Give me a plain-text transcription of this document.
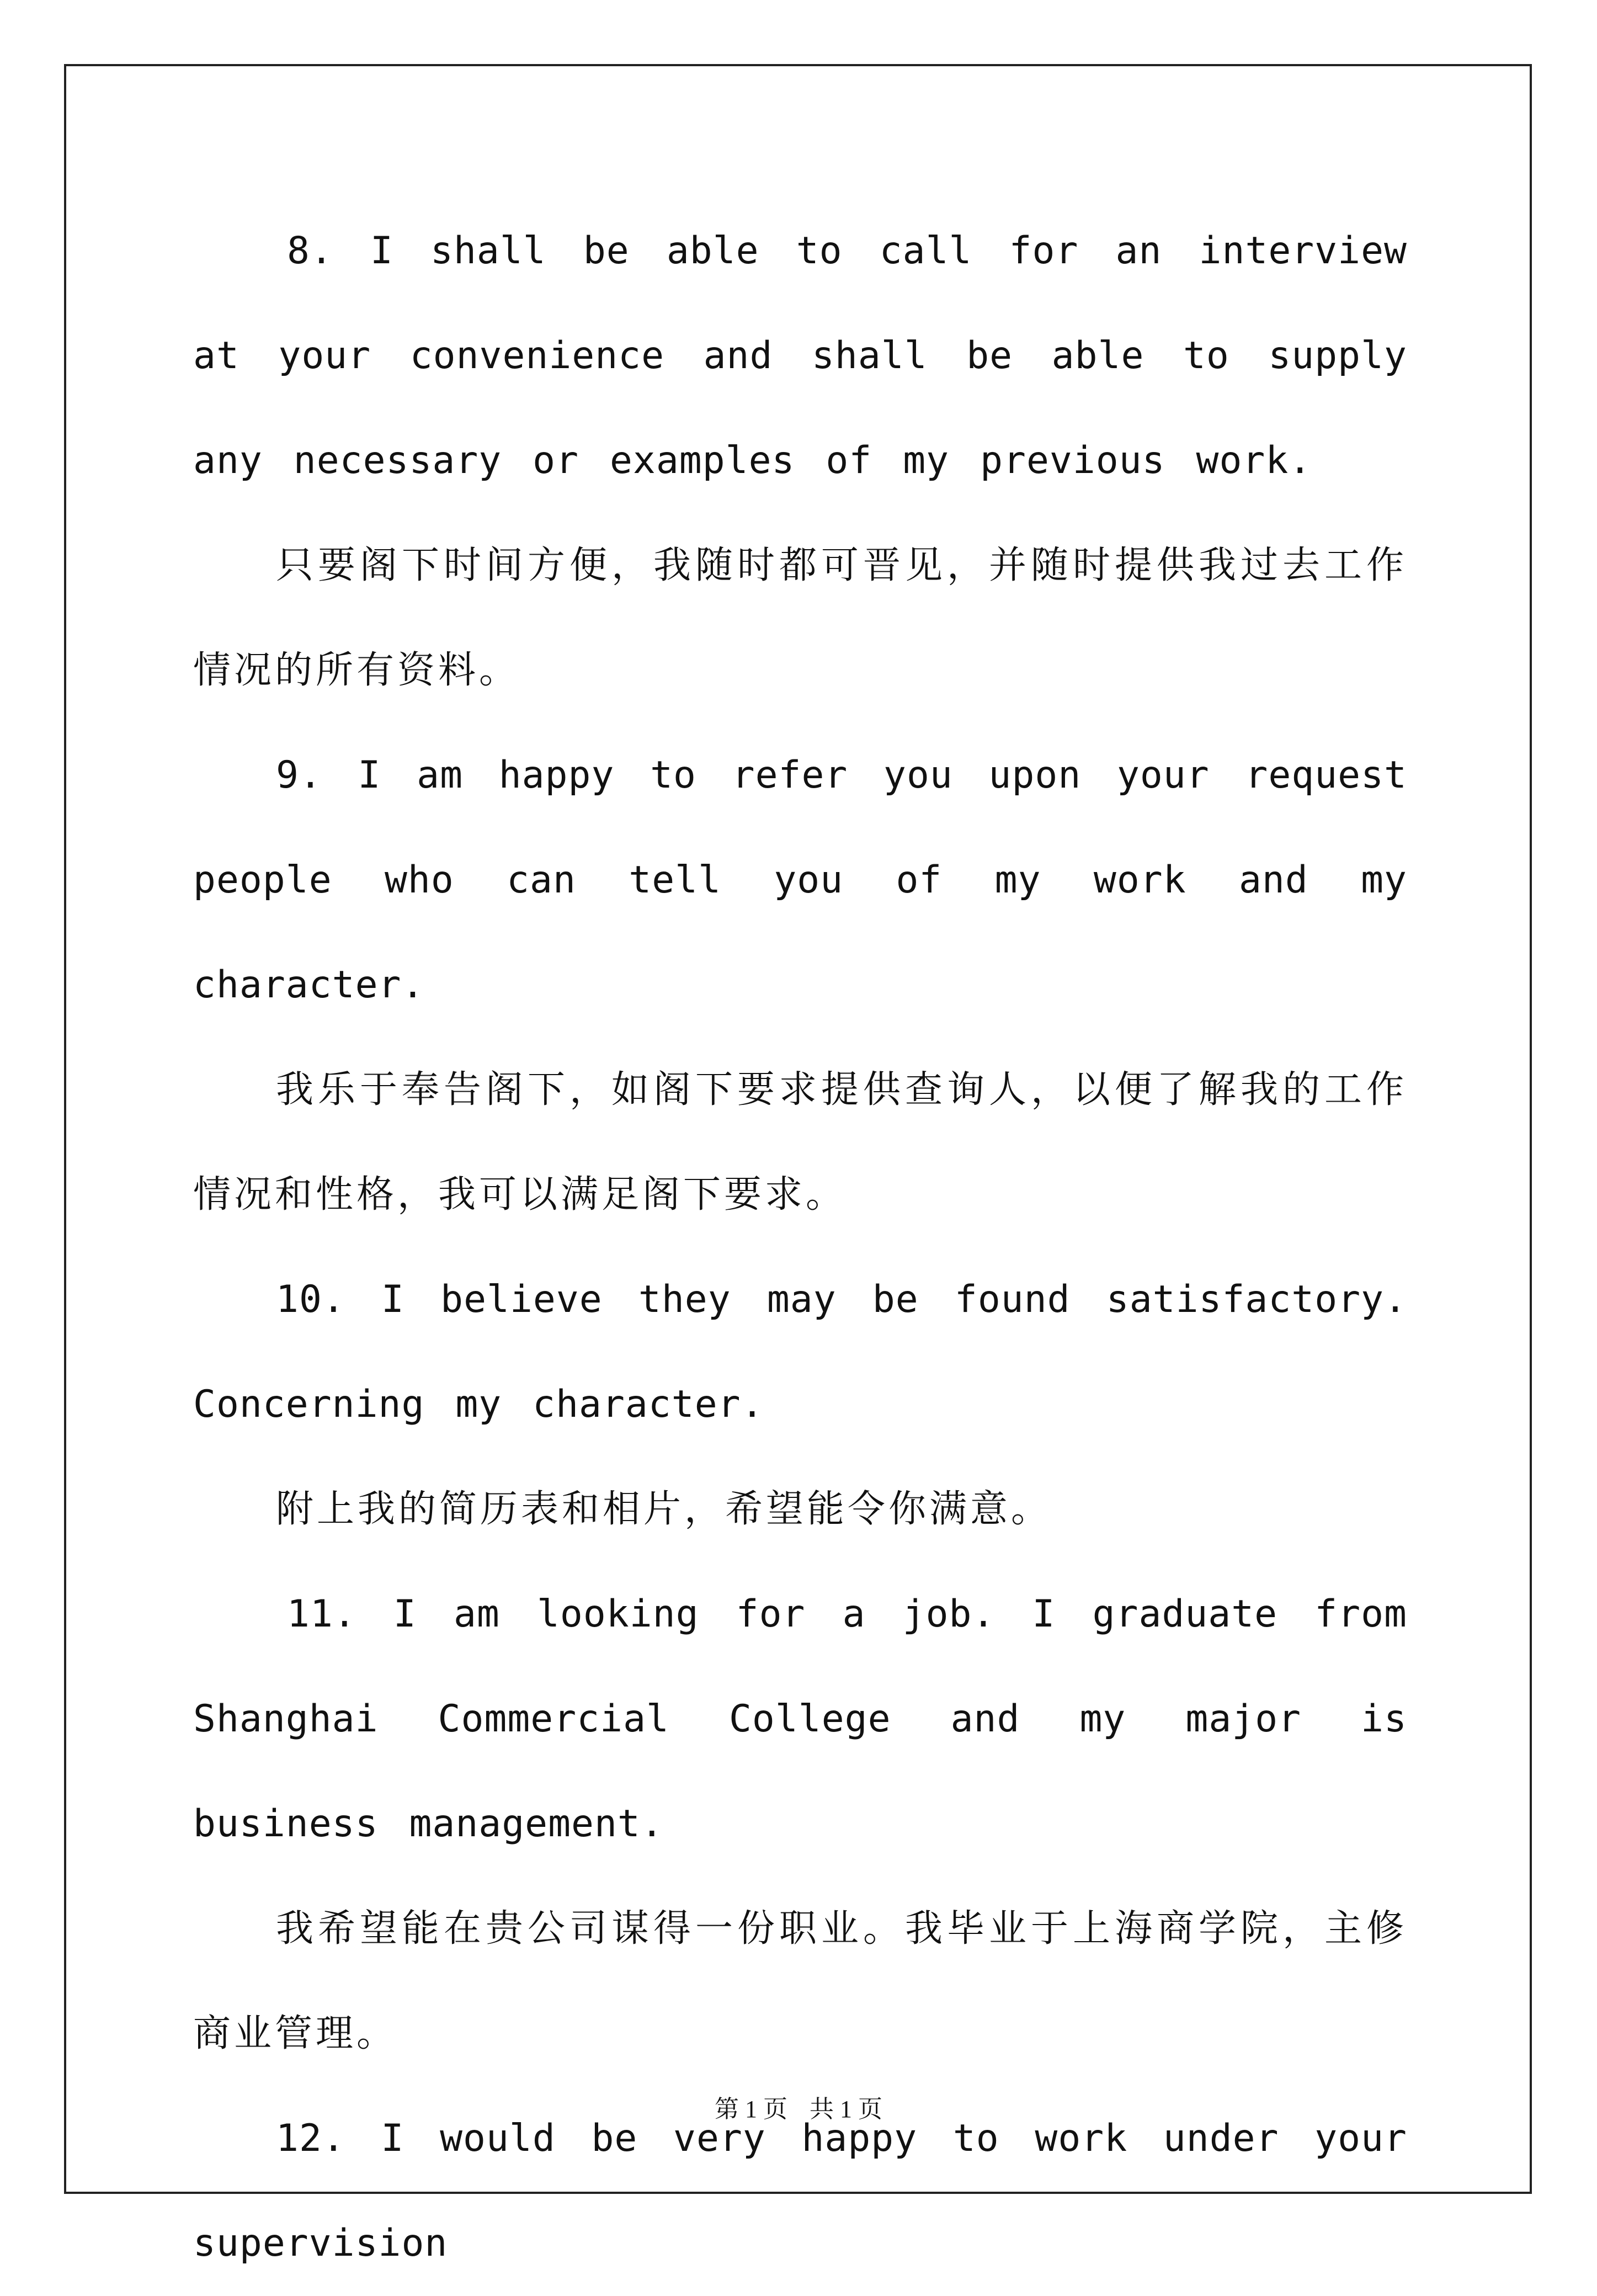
8. I shall be able to call for an interview at your convenience and shall be able to supply any necessary or examples of my previous work.

只要阁下时间方便，我随时都可晋见，并随时提供我过去工作情况的所有资料。

9. I am happy to refer you upon your request people who can tell you of my work and my character.

我乐于奉告阁下，如阁下要求提供查询人，以便了解我的工作情况和性格，我可以满足阁下要求。

10. I believe they may be found satisfactory. Concerning my character.

附上我的简历表和相片，希望能令你满意。

11. I am looking for a job. I graduate from Shanghai Commercial College and my major is business management.

我希望能在贵公司谋得一份职业。我毕业于上海商学院，主修商业管理。

12. I would be very happy to work under your supervision

第 1 页 共 1 页
